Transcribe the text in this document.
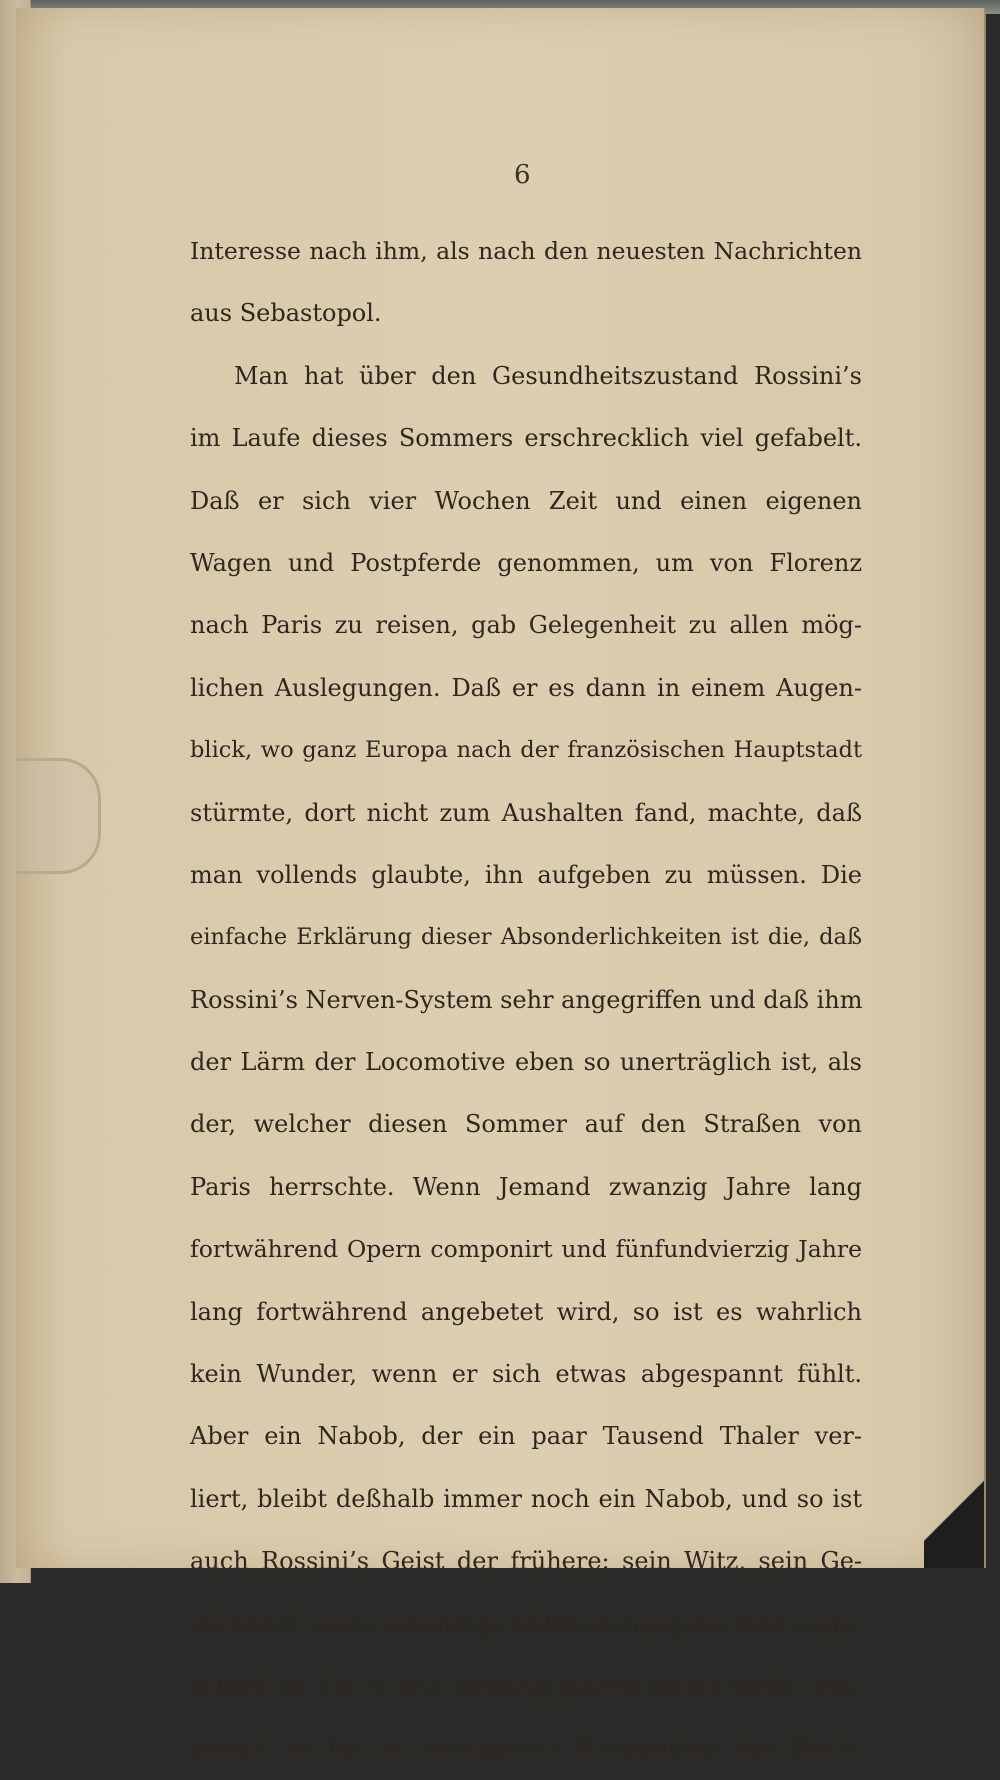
6
Interesse nach ihm, als nach den neuesten Nachrichten
aus Sebastopol.
Man hat über den Gesundheitszustand Rossini’s
im Laufe dieses Sommers erschrecklich viel gefabelt.
Daß er sich vier Wochen Zeit und einen eigenen
Wagen und Postpferde genommen, um von Florenz
nach Paris zu reisen, gab Gelegenheit zu allen mög-
lichen Auslegungen. Daß er es dann in einem Augen-
blick, wo ganz Europa nach der französischen Hauptstadt
stürmte, dort nicht zum Aushalten fand, machte, daß
man vollends glaubte, ihn aufgeben zu müssen. Die
einfache Erklärung dieser Absonderlichkeiten ist die, daß
Rossini’s Nerven-System sehr angegriffen und daß ihm
der Lärm der Locomotive eben so unerträglich ist, als
der, welcher diesen Sommer auf den Straßen von
Paris herrschte. Wenn Jemand zwanzig Jahre lang
fortwährend Opern componirt und fünfundvierzig Jahre
lang fortwährend angebetet wird, so ist es wahrlich
kein Wunder, wenn er sich etwas abgespannt fühlt.
Aber ein Nabob, der ein paar Tausend Thaler ver-
liert, bleibt deßhalb immer noch ein Nabob, und so ist
auch Rossini’s Geist der frühere: sein Witz, sein Ge-
dächtniß, seine lebendige Mittheilungsgabe sind unge-
schwächt. Da er seit zwanzig Jahren nichts mehr com-
ponirt, so hat er wenigstens Niemandem das Recht
